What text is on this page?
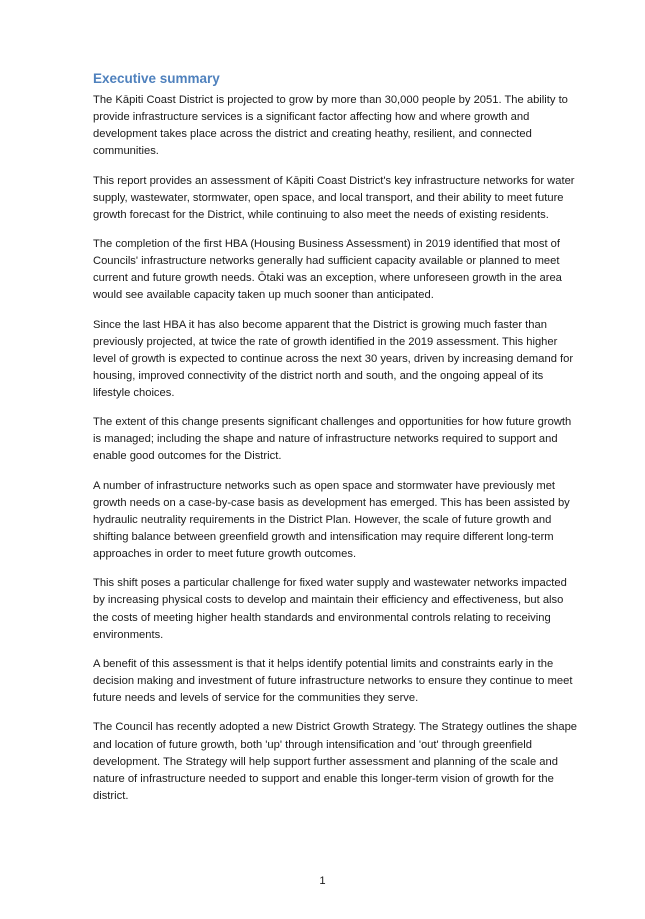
Executive summary

The Kāpiti Coast District is projected to grow by more than 30,000 people by 2051. The ability to provide infrastructure services is a significant factor affecting how and where growth and development takes place across the district and creating heathy, resilient, and connected communities.

This report provides an assessment of Kāpiti Coast District's key infrastructure networks for water supply, wastewater, stormwater, open space, and local transport, and their ability to meet future growth forecast for the District, while continuing to also meet the needs of existing residents.

The completion of the first HBA (Housing Business Assessment) in 2019 identified that most of Councils' infrastructure networks generally had sufficient capacity available or planned to meet current and future growth needs. Ōtaki was an exception, where unforeseen growth in the area would see available capacity taken up much sooner than anticipated.

Since the last HBA it has also become apparent that the District is growing much faster than previously projected, at twice the rate of growth identified in the 2019 assessment. This higher level of growth is expected to continue across the next 30 years, driven by increasing demand for housing, improved connectivity of the district north and south, and the ongoing appeal of its lifestyle choices.

The extent of this change presents significant challenges and opportunities for how future growth is managed; including the shape and nature of infrastructure networks required to support and enable good outcomes for the District.

A number of infrastructure networks such as open space and stormwater have previously met growth needs on a case-by-case basis as development has emerged. This has been assisted by hydraulic neutrality requirements in the District Plan. However, the scale of future growth and shifting balance between greenfield growth and intensification may require different long-term approaches in order to meet future growth outcomes.

This shift poses a particular challenge for fixed water supply and wastewater networks impacted by increasing physical costs to develop and maintain their efficiency and effectiveness, but also the costs of meeting higher health standards and environmental controls relating to receiving environments.

A benefit of this assessment is that it helps identify potential limits and constraints early in the decision making and investment of future infrastructure networks to ensure they continue to meet future needs and levels of service for the communities they serve.

The Council has recently adopted a new District Growth Strategy. The Strategy outlines the shape and location of future growth, both 'up' through intensification and 'out' through greenfield development. The Strategy will help support further assessment and planning of the scale and nature of infrastructure needed to support and enable this longer-term vision of growth for the district.

1
